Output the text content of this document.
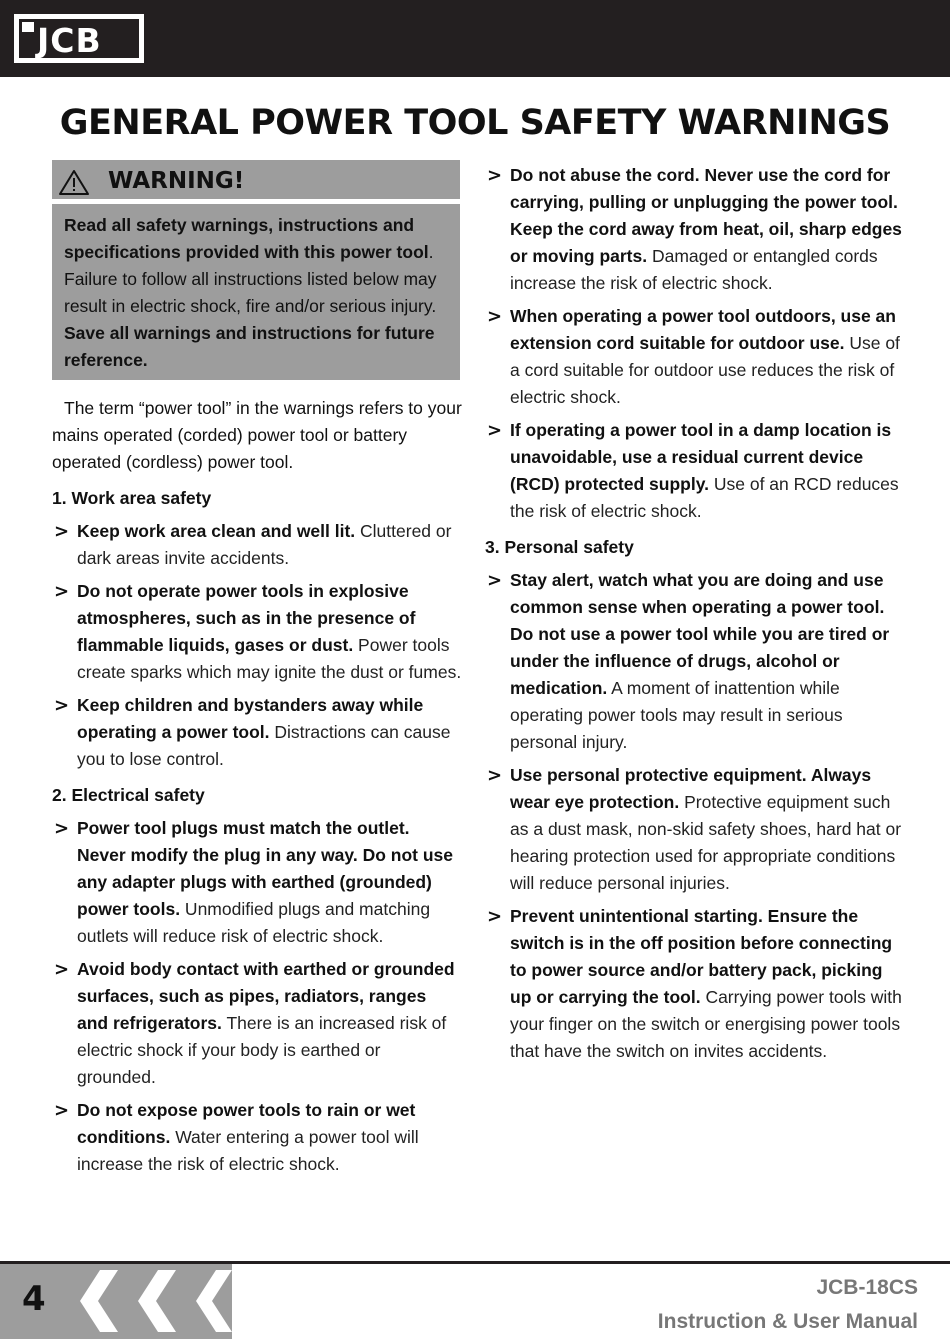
JCB
GENERAL POWER TOOL SAFETY WARNINGS
WARNING!
Read all safety warnings, instructions and specifications provided with this power tool. Failure to follow all instructions listed below may result in electric shock, fire and/or serious injury. Save all warnings and instructions for future reference.

The term “power tool” in the warnings refers to your mains operated (corded) power tool or battery operated (cordless) power tool.

1. Work area safety
> Keep work area clean and well lit. Cluttered or dark areas invite accidents.
> Do not operate power tools in explosive atmospheres, such as in the presence of flammable liquids, gases or dust. Power tools create sparks which may ignite the dust or fumes.
> Keep children and bystanders away while operating a power tool. Distractions can cause you to lose control.
2. Electrical safety
> Power tool plugs must match the outlet. Never modify the plug in any way. Do not use any adapter plugs with earthed (grounded) power tools. Unmodified plugs and matching outlets will reduce risk of electric shock.
> Avoid body contact with earthed or grounded surfaces, such as pipes, radiators, ranges and refrigerators. There is an increased risk of electric shock if your body is earthed or grounded.
> Do not expose power tools to rain or wet conditions. Water entering a power tool will increase the risk of electric shock.
> Do not abuse the cord. Never use the cord for carrying, pulling or unplugging the power tool. Keep the cord away from heat, oil, sharp edges or moving parts. Damaged or entangled cords increase the risk of electric shock.
> When operating a power tool outdoors, use an extension cord suitable for outdoor use. Use of a cord suitable for outdoor use reduces the risk of electric shock.
> If operating a power tool in a damp location is unavoidable, use a residual current device (RCD) protected supply. Use of an RCD reduces the risk of electric shock.
3. Personal safety
> Stay alert, watch what you are doing and use common sense when operating a power tool. Do not use a power tool while you are tired or under the influence of drugs, alcohol or medication. A moment of inattention while operating power tools may result in serious personal injury.
> Use personal protective equipment. Always wear eye protection. Protective equipment such as a dust mask, non-skid safety shoes, hard hat or hearing protection used for appropriate conditions will reduce personal injuries.
> Prevent unintentional starting. Ensure the switch is in the off position before connecting to power source and/or battery pack, picking up or carrying the tool. Carrying power tools with your finger on the switch or energising power tools that have the switch on invites accidents.
4	JCB-18CS
Instruction & User Manual
